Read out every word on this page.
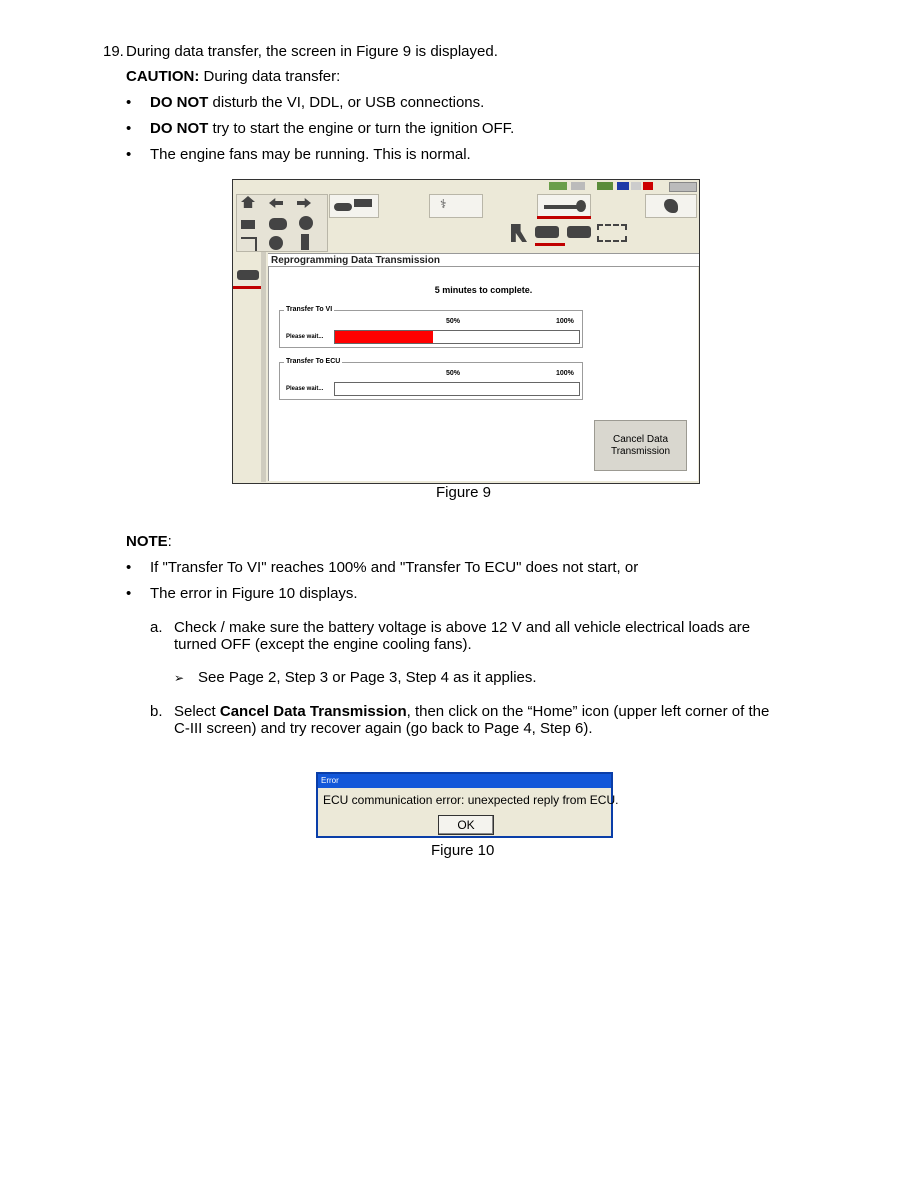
19. During data transfer, the screen in Figure 9 is displayed.
CAUTION: During data transfer:
• DO NOT disturb the VI, DDL, or USB connections.
• DO NOT try to start the engine or turn the ignition OFF.
• The engine fans may be running. This is normal.
⚕
Reprogramming Data Transmission
5 minutes to complete.
Transfer To VI
50%	100%
Please wait...
Transfer To ECU
50%	100%
Please wait...
Cancel Data Transmission
Figure 9
NOTE:
• If "Transfer To VI" reaches 100% and "Transfer To ECU" does not start, or
• The error in Figure 10 displays.
a. Check / make sure the battery voltage is above 12 V and all vehicle electrical loads are
turned OFF (except the engine cooling fans).
➢ See Page 2, Step 3 or Page 3, Step 4 as it applies.
b. Select Cancel Data Transmission, then click on the “Home” icon (upper left corner of the
C-III screen) and try recover again (go back to Page 4, Step 6).
Error
ECU communication error: unexpected reply from ECU.
OK
Figure 10
